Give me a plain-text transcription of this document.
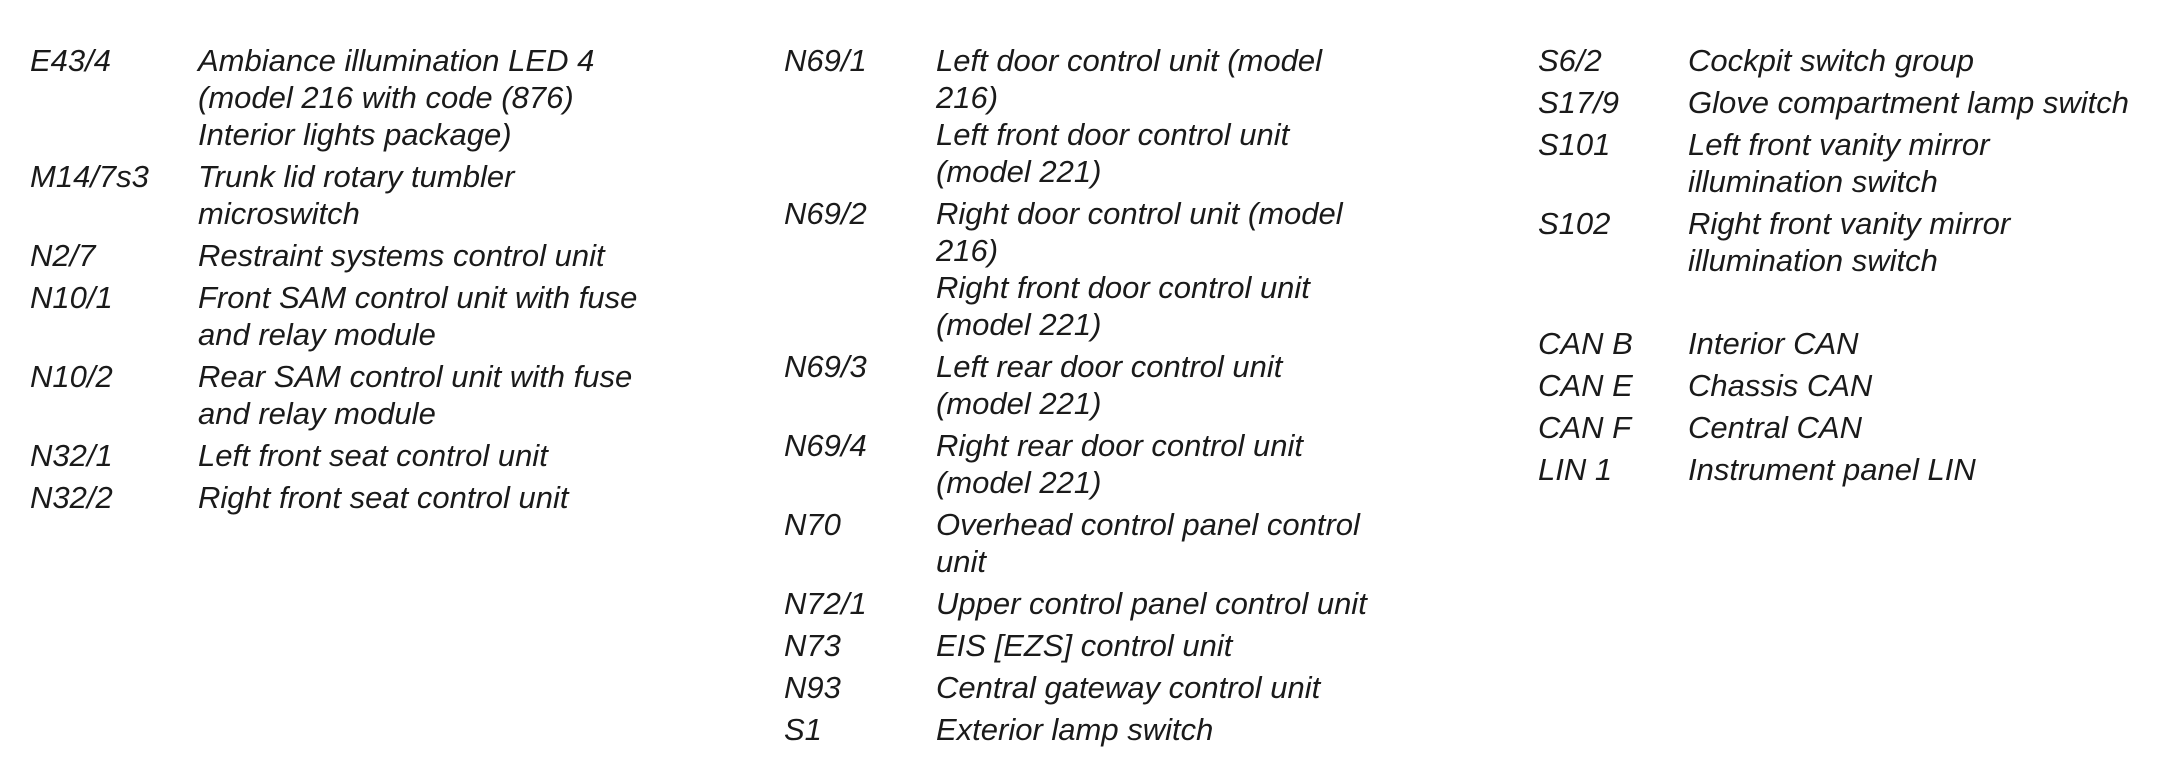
E43/4	Ambiance illumination LED 4
(model 216 with code (876)
Interior lights package)
M14/7s3	Trunk lid rotary tumbler
microswitch
N2/7	Restraint systems control unit
N10/1	Front SAM control unit with fuse
and relay module
N10/2	Rear SAM control unit with fuse
and relay module
N32/1	Left front seat control unit
N32/2	Right front seat control unit
N69/1	Left door control unit (model
216)
Left front door control unit
(model 221)
N69/2	Right door control unit (model
216)
Right front door control unit
(model 221)
N69/3	Left rear door control unit
(model 221)
N69/4	Right rear door control unit
(model 221)
N70	Overhead control panel control
unit
N72/1	Upper control panel control unit
N73	EIS [EZS] control unit
N93	Central gateway control unit
S1	Exterior lamp switch
S6/2	Cockpit switch group
S17/9	Glove compartment lamp switch
S101	Left front vanity mirror
illumination switch
S102	Right front vanity mirror
illumination switch
CAN B	Interior CAN
CAN E	Chassis CAN
CAN F	Central CAN
LIN 1	Instrument panel LIN
